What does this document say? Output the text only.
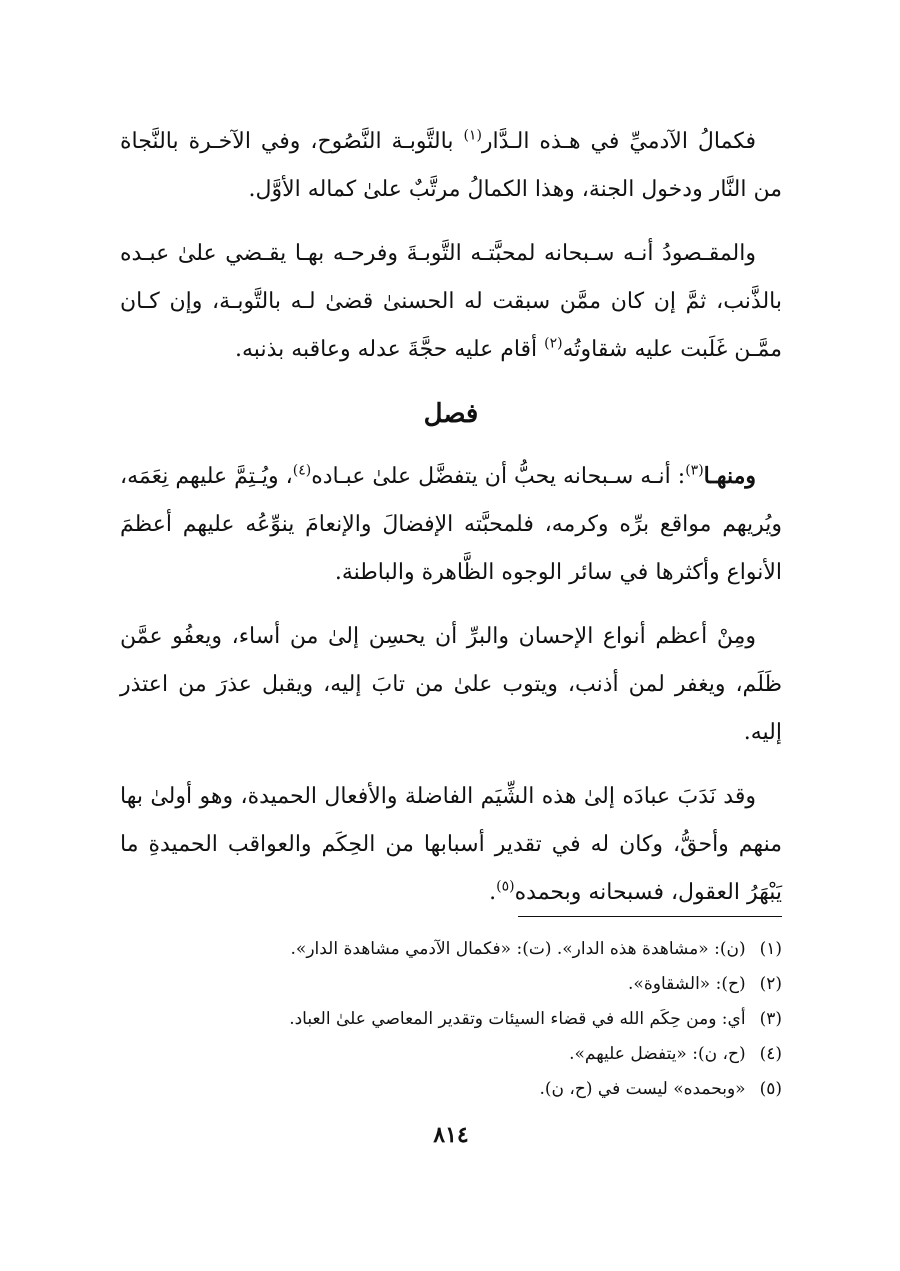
فكمالُ الآدميِّ في هـذه الـدَّار$^{(١)}$ بالتَّوبـة النَّصُوح، وفي الآخـرة بالنَّجاة من النَّار ودخول الجنة، وهذا الكمالُ مرتَّبٌ علىٰ كماله الأوَّل.

والمقـصودُ أنـه سـبحانه لمحبَّتـه التَّوبـةَ وفرحـه بهـا يقـضي علىٰ عبـده بالذَّنب، ثمَّ إن كان ممَّن سبقت له الحسنىٰ قضىٰ لـه بالتَّوبـة، وإن كـان ممَّـن غَلَبت عليه شقاوتُه$^{(٢)}$ أقام عليه حجَّةَ عدله وعاقبه بذنبه.

فصل

ومنهـا$^{(٣)}$: أنـه سـبحانه يحبُّ أن يتفضَّل علىٰ عبـاده$^{(٤)}$، ويُـتِمَّ عليهم نِعَمَه، ويُريهم مواقع برِّه وكرمه، فلمحبَّته الإفضالَ والإنعامَ ينوِّعُه عليهم أعظمَ الأنواع وأكثرها في سائر الوجوه الظَّاهرة والباطنة.

ومِنْ أعظم أنواع الإحسان والبرِّ أن يحسِن إلىٰ من أساء، ويعفُو عمَّن ظَلَم، ويغفر لمن أذنب، ويتوب علىٰ من تابَ إليه، ويقبل عذرَ من اعتذر إليه.

وقد نَدَبَ عبادَه إلىٰ هذه الشِّيَم الفاضلة والأفعال الحميدة، وهو أولىٰ بها منهم وأحقُّ، وكان له في تقدير أسبابها من الحِكَم والعواقب الحميدةِ ما يَبْهَرُ العقول، فسبحانه وبحمده$^{(٥)}$.

(١)(ن): «مشاهدة هذه الدار». (ت): «فكمال الآدمي مشاهدة الدار».
(٢)(ح): «الشقاوة».
(٣)أي: ومن حِكَم الله في قضاء السيئات وتقدير المعاصي علىٰ العباد.
(٤)(ح، ن): «يتفضل عليهم».
(٥)«وبحمده» ليست في (ح، ن).
٨١٤
